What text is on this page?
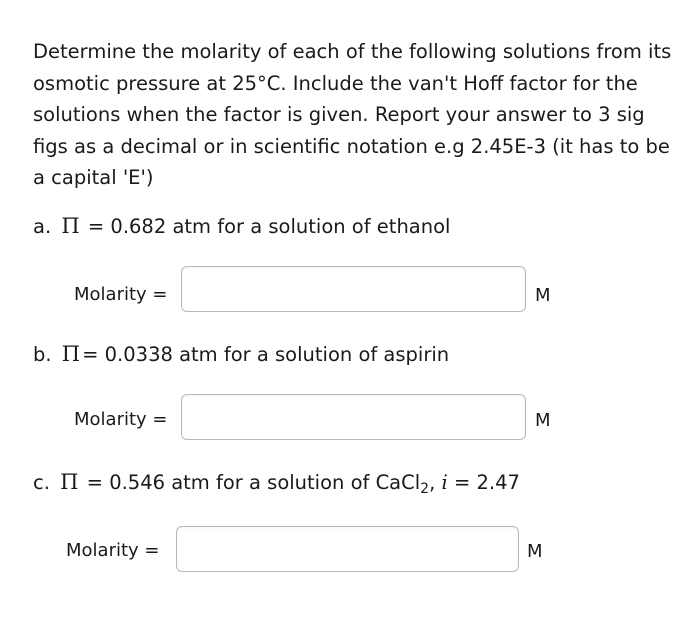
Determine the molarity of each of the following solutions from its osmotic pressure at 25°C. Include the van't Hoff factor for the solutions when the factor is given. Report your answer to 3 sig figs as a decimal or in scientific notation e.g 2.45E-3 (it has to be a capital 'E')

a. Π = 0.682 atm for a solution of ethanol
Molarity =	M
b. Π = 0.0338 atm for a solution of aspirin
Molarity =	M
c. Π = 0.546 atm for a solution of CaCl$_2$, i = 2.47
Molarity =	M
